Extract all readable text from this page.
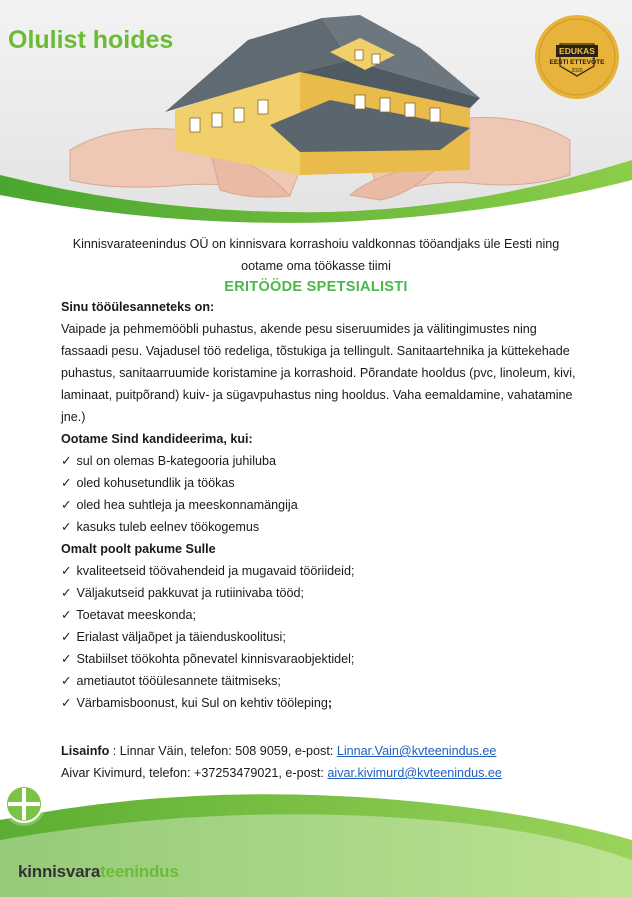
Olulist hoides	EDUKAS
EESTI ETTEVÕTE
2020
Kinnisvarateenindus OÜ on kinnisvara korrashoiu valdkonnas tööandjaks üle Eesti ning
ootame oma töökasse tiimi
ERITÖÖDE SPETSIALISTI
Sinu tööülesanneteks on:
Vaipade ja pehmemööbli puhastus, akende pesu siseruumides ja välitingimustes ning fassaadi pesu. Vajadusel töö redeliga, tõstukiga ja tellingult. Sanitaartehnika ja küttekehade puhastus, sanitaarruumide koristamine ja korrashoid. Põrandate hooldus (pvc, linoleum, kivi, laminaat, puitpõrand) kuiv- ja sügavpuhastus ning hooldus. Vaha eemaldamine, vahatamine jne.)
Ootame Sind kandideerima, kui:
✓ sul on olemas B-kategooria juhiluba
✓ oled kohusetundlik ja töökas
✓ oled hea suhtleja ja meeskonnamängija
✓ kasuks tuleb eelnev töökogemus
Omalt poolt pakume Sulle
✓ kvaliteetseid töövahendeid ja mugavaid tööriideid;
✓ Väljakutseid pakkuvat ja rutiinivaba tööd;
✓ Toetavat meeskonda;
✓ Erialast väljaõpet ja täienduskoolitusi;
✓ Stabiilset töökohta põnevatel kinnisvaraobjektidel;
✓ ametiautot tööülesannete täitmiseks;
✓ Värbamisboonust, kui Sul on kehtiv tööleping;
Lisainfo : Linnar Väin, telefon: 508 9059, e-post: Linnar.Vain@kvteenindus.ee
Aivar Kivimurd, telefon: +37253479021, e-post: aivar.kivimurd@kvteenindus.ee
kinnisvarateenindus
